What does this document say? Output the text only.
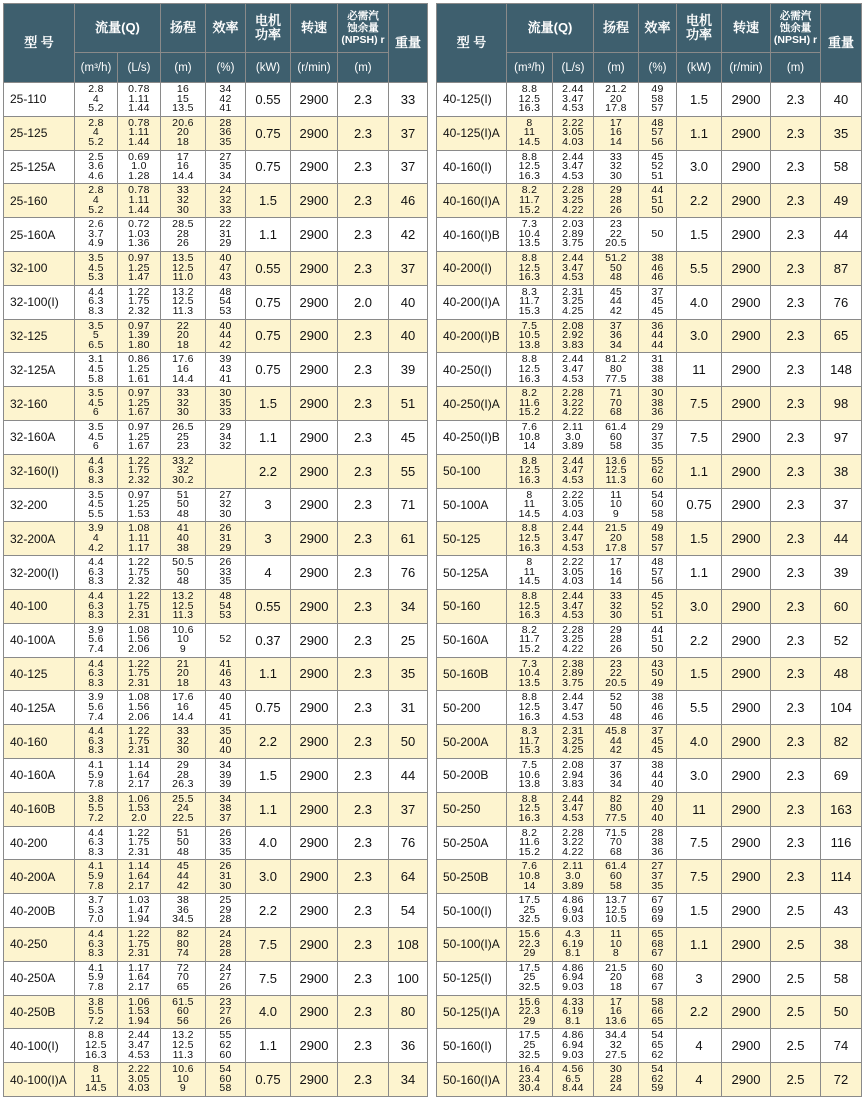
型 号	流量(Q)		扬程	效率	电机
功率	转速	必需汽
蚀余量
(NPSH) r	重量
	(m³/h)	(L/s)	(m)	(%)	(kW)	(r/min)	(m)	
25-110	2.8
4
5.2	0.78
1.11
1.44	16
15
13.5	34
42
41	0.55	2900	2.3	33
25-125	2.8
4
5.2	0.78
1.11
1.44	20.6
20
18	28
36
35	0.75	2900	2.3	37
25-125A	2.5
3.6
4.6	0.69
1.0
1.28	17
16
14.4	27
35
34	0.75	2900	2.3	37
25-160	2.8
4
5.2	0.78
1.11
1.44	33
32
30	24
32
33	1.5	2900	2.3	46
25-160A	2.6
3.7
4.9	0.72
1.03
1.36	28.5
28
26	22
31
29	1.1	2900	2.3	42
32-100	3.5
4.5
5.3	0.97
1.25
1.47	13.5
12.5
11.0	40
47
43	0.55	2900	2.3	37
32-100(I)	4.4
6.3
8.3	1.22
1.75
2.32	13.2
12.5
11.3	48
54
53	0.75	2900	2.0	40
32-125	3.5
5
6.5	0.97
1.39
1.80	22
20
18	40
44
42	0.75	2900	2.3	40
32-125A	3.1
4.5
5.8	0.86
1.25
1.61	17.6
16
14.4	39
43
41	0.75	2900	2.3	39
32-160	3.5
4.5
6	0.97
1.25
1.67	33
32
30	30
35
33	1.5	2900	2.3	51
32-160A	3.5
4.5
6	0.97
1.25
1.67	26.5
25
23	29
34
32	1.1	2900	2.3	45
32-160(I)	4.4
6.3
8.3	1.22
1.75
2.32	33.2
32
30.2		2.2	2900	2.3	55
32-200	3.5
4.5
5.5	0.97
1.25
1.53	51
50
48	27
32
30	3	2900	2.3	71
32-200A	3.9
4
4.2	1.08
1.11
1.17	41
40
38	26
31
29	3	2900	2.3	61
32-200(I)	4.4
6.3
8.3	1.22
1.75
2.32	50.5
50
48	26
33
35	4	2900	2.3	76
40-100	4.4
6.3
8.3	1.22
1.75
2.31	13.2
12.5
11.3	48
54
53	0.55	2900	2.3	34
40-100A	3.9
5.6
7.4	1.08
1.56
2.06	10.6
10
9	52	0.37	2900	2.3	25
40-125	4.4
6.3
8.3	1.22
1.75
2.31	21
20
18	41
46
43	1.1	2900	2.3	35
40-125A	3.9
5.6
7.4	1.08
1.56
2.06	17.6
16
14.4	40
45
41	0.75	2900	2.3	31
40-160	4.4
6.3
8.3	1.22
1.75
2.31	33
32
30	35
40
40	2.2	2900	2.3	50
40-160A	4.1
5.9
7.8	1.14
1.64
2.17	29
28
26.3	34
39
39	1.5	2900	2.3	44
40-160B	3.8
5.5
7.2	1.06
1.53
2.0	25.5
24
22.5	34
38
37	1.1	2900	2.3	37
40-200	4.4
6.3
8.3	1.22
1.75
2.31	51
50
48	26
33
35	4.0	2900	2.3	76
40-200A	4.1
5.9
7.8	1.14
1.64
2.17	45
44
42	26
31
30	3.0	2900	2.3	64
40-200B	3.7
5.3
7.0	1.03
1.47
1.94	38
36
34.5	25
29
28	2.2	2900	2.3	54
40-250	4.4
6.3
8.3	1.22
1.75
2.31	82
80
74	24
28
28	7.5	2900	2.3	108
40-250A	4.1
5.9
7.8	1.17
1.64
2.17	72
70
65	24
27
26	7.5	2900	2.3	100
40-250B	3.8
5.5
7.2	1.06
1.53
1.94	61.5
60
56	23
27
26	4.0	2900	2.3	80
40-100(I)	8.8
12.5
16.3	2.44
3.47
4.53	13.2
12.5
11.3	55
62
60	1.1	2900	2.3	36
40-100(I)A	8
11
14.5	2.22
3.05
4.03	10.6
10
9	54
60
58	0.75	2900	2.3	34
型 号	流量(Q)		扬程	效率	电机
功率	转速	必需汽
蚀余量
(NPSH) r	重量
	(m³/h)	(L/s)	(m)	(%)	(kW)	(r/min)	(m)	
40-125(I)	8.8
12.5
16.3	2.44
3.47
4.53	21.2
20
17.8	49
58
57	1.5	2900	2.3	40
40-125(I)A	8
11
14.5	2.22
3.05
4.03	17
16
14	48
57
56	1.1	2900	2.3	35
40-160(I)	8.8
12.5
16.3	2.44
3.47
4.53	33
32
30	45
52
51	3.0	2900	2.3	58
40-160(I)A	8.2
11.7
15.2	2.28
3.25
4.22	29
28
26	44
51
50	2.2	2900	2.3	49
40-160(I)B	7.3
10.4
13.5	2.03
2.89
3.75	23
22
20.5	50	1.5	2900	2.3	44
40-200(I)	8.8
12.5
16.3	2.44
3.47
4.53	51.2
50
48	38
46
46	5.5	2900	2.3	87
40-200(I)A	8.3
11.7
15.3	2.31
3.25
4.25	45
44
42	37
45
45	4.0	2900	2.3	76
40-200(I)B	7.5
10.5
13.8	2.08
2.92
3.83	37
36
34	36
44
44	3.0	2900	2.3	65
40-250(I)	8.8
12.5
16.3	2.44
3.47
4.53	81.2
80
77.5	31
38
38	11	2900	2.3	148
40-250(I)A	8.2
11.6
15.2	2.28
3.22
4.22	71
70
68	30
38
36	7.5	2900	2.3	98
40-250(I)B	7.6
10.8
14	2.11
3.0
3.89	61.4
60
58	29
37
35	7.5	2900	2.3	97
50-100	8.8
12.5
16.3	2.44
3.47
4.53	13.6
12.5
11.3	55
62
60	1.1	2900	2.3	38
50-100A	8
11
14.5	2.22
3.05
4.03	11
10
9	54
60
58	0.75	2900	2.3	37
50-125	8.8
12.5
16.3	2.44
3.47
4.53	21.5
20
17.8	49
58
57	1.5	2900	2.3	44
50-125A	8
11
14.5	2.22
3.05
4.03	17
16
14	48
57
56	1.1	2900	2.3	39
50-160	8.8
12.5
16.3	2.44
3.47
4.53	33
32
30	45
52
51	3.0	2900	2.3	60
50-160A	8.2
11.7
15.2	2.28
3.25
4.22	29
28
26	44
51
50	2.2	2900	2.3	52
50-160B	7.3
10.4
13.5	2.38
2.89
3.75	23
22
20.5	43
50
49	1.5	2900	2.3	48
50-200	8.8
12.5
16.3	2.44
3.47
4.53	52
50
48	38
46
46	5.5	2900	2.3	104
50-200A	8.3
11.7
15.3	2.31
3.25
4.25	45.8
44
42	37
45
45	4.0	2900	2.3	82
50-200B	7.5
10.6
13.8	2.08
2.94
3.83	37
36
34	38
44
40	3.0	2900	2.3	69
50-250	8.8
12.5
16.3	2.44
3.47
4.53	82
80
77.5	29
40
40	11	2900	2.3	163
50-250A	8.2
11.6
15.2	2.28
3.22
4.22	71.5
70
68	28
38
36	7.5	2900	2.3	116
50-250B	7.6
10.8
14	2.11
3.0
3.89	61.4
60
58	27
37
35	7.5	2900	2.3	114
50-100(I)	17.5
25
32.5	4.86
6.94
9.03	13.7
12.5
10.5	67
69
69	1.5	2900	2.5	43
50-100(I)A	15.6
22.3
29	4.3
6.19
8.1	11
10
8	65
68
67	1.1	2900	2.5	38
50-125(I)	17.5
25
32.5	4.86
6.94
9.03	21.5
20
18	60
68
67	3	2900	2.5	58
50-125(I)A	15.6
22.3
29	4.33
6.19
8.1	17
16
13.6	58
66
65	2.2	2900	2.5	50
50-160(I)	17.5
25
32.5	4.86
6.94
9.03	34.4
32
27.5	54
65
62	4	2900	2.5	74
50-160(I)A	16.4
23.4
30.4	4.56
6.5
8.44	30
28
24	54
62
59	4	2900	2.5	72
